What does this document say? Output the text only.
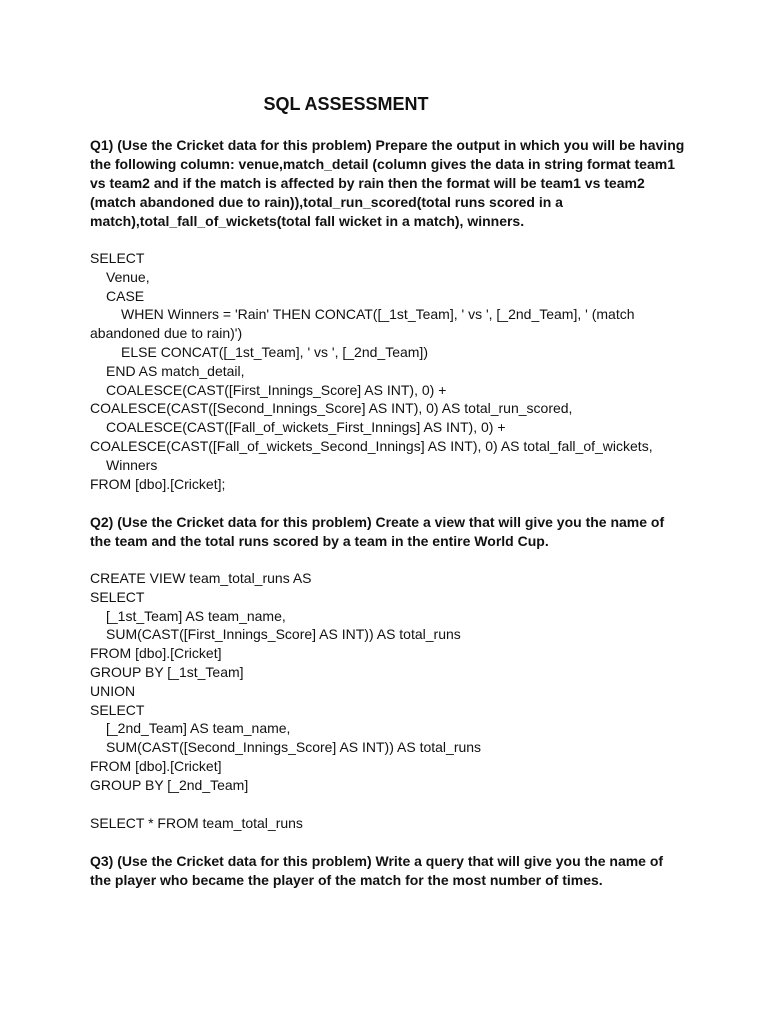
SQL ASSESSMENT
Q1) (Use the Cricket data for this problem) Prepare the output in which you will be having
the following column: venue,match_detail (column gives the data in string format team1
vs team2 and if the match is affected by rain then the format will be team1 vs team2
(match abandoned due to rain)),total_run_scored(total runs scored in a
match),total_fall_of_wickets(total fall wicket in a match), winners.
SELECT
Venue,
CASE
WHEN Winners = 'Rain' THEN CONCAT([_1st_Team], ' vs ', [_2nd_Team], ' (match
abandoned due to rain)')
ELSE CONCAT([_1st_Team], ' vs ', [_2nd_Team])
END AS match_detail,
COALESCE(CAST([First_Innings_Score] AS INT), 0) +
COALESCE(CAST([Second_Innings_Score] AS INT), 0) AS total_run_scored,
COALESCE(CAST([Fall_of_wickets_First_Innings] AS INT), 0) +
COALESCE(CAST([Fall_of_wickets_Second_Innings] AS INT), 0) AS total_fall_of_wickets,
Winners
FROM [dbo].[Cricket];
Q2) (Use the Cricket data for this problem) Create a view that will give you the name of
the team and the total runs scored by a team in the entire World Cup.
CREATE VIEW team_total_runs AS
SELECT
[_1st_Team] AS team_name,
SUM(CAST([First_Innings_Score] AS INT)) AS total_runs
FROM [dbo].[Cricket]
GROUP BY [_1st_Team]
UNION
SELECT
[_2nd_Team] AS team_name,
SUM(CAST([Second_Innings_Score] AS INT)) AS total_runs
FROM [dbo].[Cricket]
GROUP BY [_2nd_Team]
SELECT * FROM team_total_runs
Q3) (Use the Cricket data for this problem) Write a query that will give you the name of
the player who became the player of the match for the most number of times.
